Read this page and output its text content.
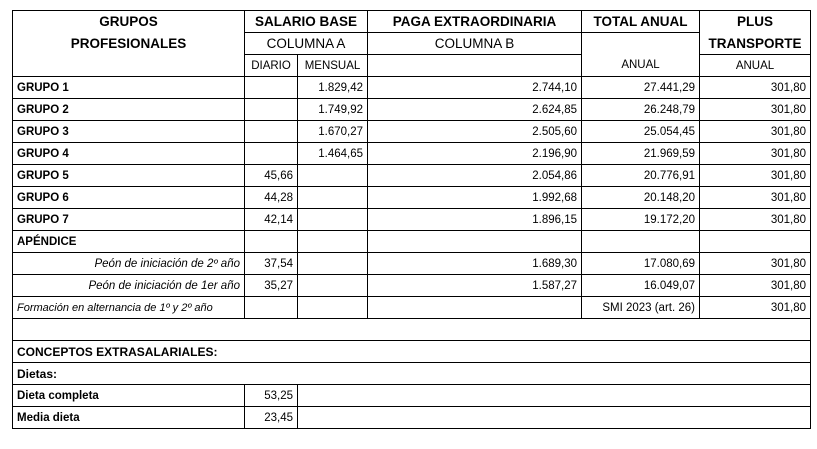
GRUPOS	SALARIO BASE		PAGA EXTRAORDINARIA	TOTAL ANUAL	PLUS
PROFESIONALES	COLUMNA A		COLUMNA B		TRANSPORTE
	DIARIO	MENSUAL		ANUAL	ANUAL
GRUPO 1		1.829,42	2.744,10	27.441,29	301,80
GRUPO 2		1.749,92	2.624,85	26.248,79	301,80
GRUPO 3		1.670,27	2.505,60	25.054,45	301,80
GRUPO 4		1.464,65	2.196,90	21.969,59	301,80
GRUPO 5	45,66		2.054,86	20.776,91	301,80
GRUPO 6	44,28		1.992,68	20.148,20	301,80
GRUPO 7	42,14		1.896,15	19.172,20	301,80
APÉNDICE					
Peón de iniciación de 2º año	37,54		1.689,30	17.080,69	301,80
Peón de iniciación de 1er año	35,27		1.587,27	16.049,07	301,80
Formación en alternancia de 1º y 2º año				SMI 2023 (art. 26)	301,80

CONCEPTOS EXTRASALARIALES:					
Dietas:					
Dieta completa	53,25				
Media dieta	23,45				
